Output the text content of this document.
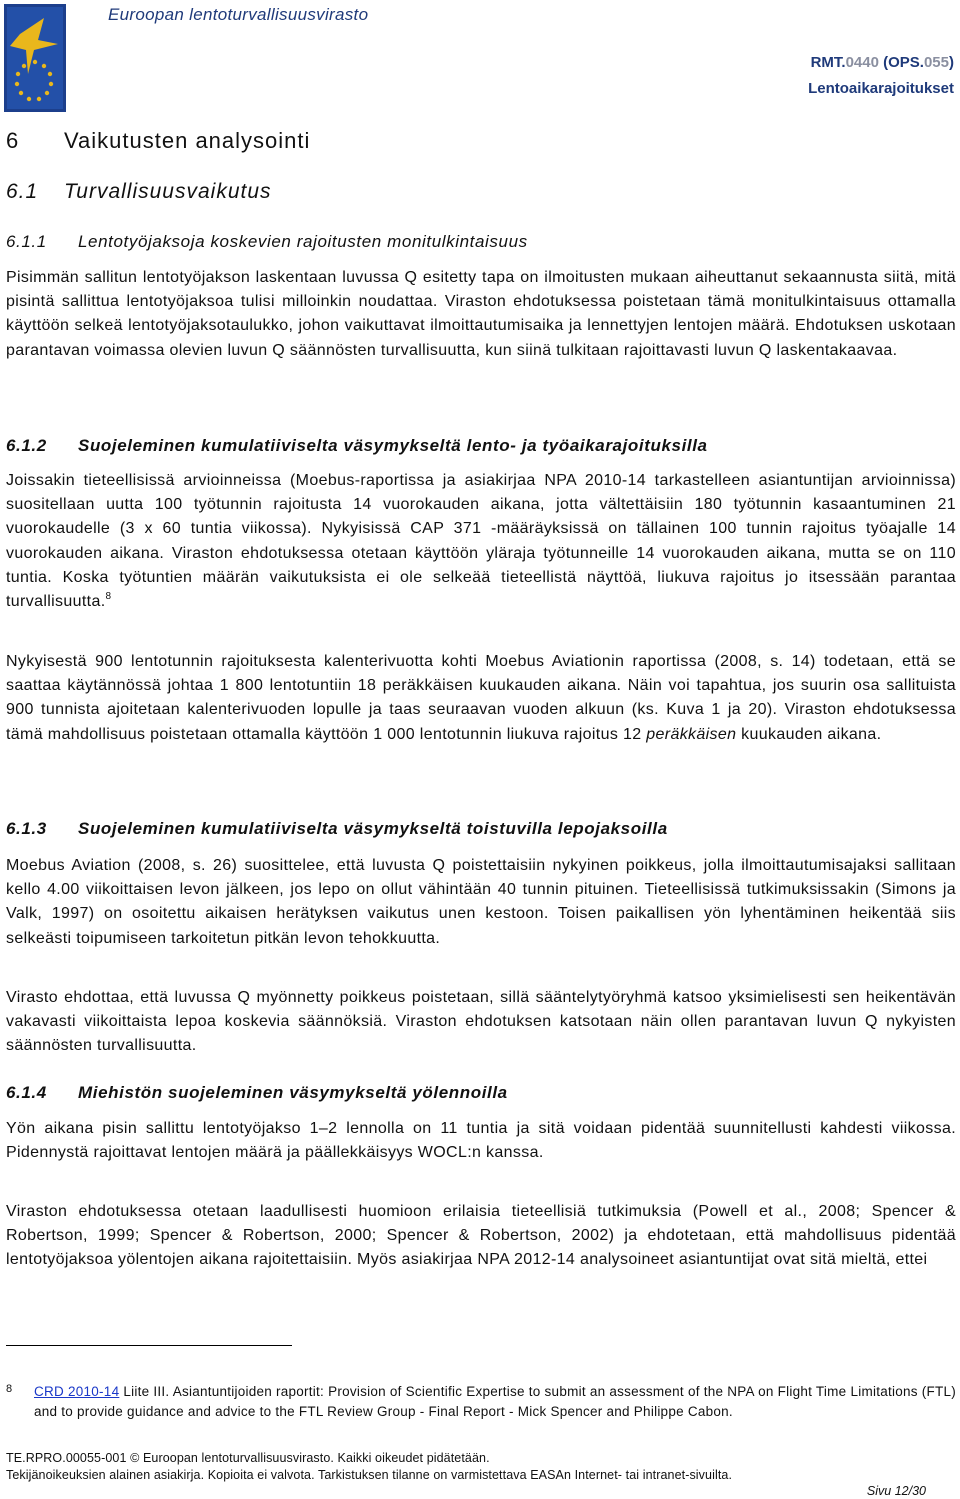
Euroopan lentoturvallisuusvirasto
RMT.0440 (OPS.055)
Lentoaikarajoitukset
6 Vaikutusten analysointi
6.1 Turvallisuusvaikutus
6.1.1 Lentotyöjaksoja koskevien rajoitusten monitulkintaisuus
Pisimmän sallitun lentotyöjakson laskentaan luvussa Q esitetty tapa on ilmoitusten mukaan aiheuttanut sekaannusta siitä, mitä pisintä sallittua lentotyöjaksoa tulisi milloinkin noudattaa. Viraston ehdotuksessa poistetaan tämä monitulkintaisuus ottamalla käyttöön selkeä lentotyöjaksotaulukko, johon vaikuttavat ilmoittautumisaika ja lennettyjen lentojen määrä. Ehdotuksen uskotaan parantavan voimassa olevien luvun Q säännösten turvallisuutta, kun siinä tulkitaan rajoittavasti luvun Q laskentakaavaa.
6.1.2 Suojeleminen kumulatiiviselta väsymykseltä lento- ja työaikarajoituksilla
Joissakin tieteellisissä arvioinneissa (Moebus-raportissa ja asiakirjaa NPA 2010-14 tarkastelleen asiantuntijan arvioinnissa) suositellaan uutta 100 työtunnin rajoitusta 14 vuorokauden aikana, jotta vältettäisiin 180 työtunnin kasaantuminen 21 vuorokaudelle (3 x 60 tuntia viikossa). Nykyisissä CAP 371 -määräyksissä on tällainen 100 tunnin rajoitus työajalle 14 vuorokauden aikana. Viraston ehdotuksessa otetaan käyttöön yläraja työtunneille 14 vuorokauden aikana, mutta se on 110 tuntia. Koska työtuntien määrän vaikutuksista ei ole selkeää tieteellistä näyttöä, liukuva rajoitus jo itsessään parantaa turvallisuutta.$^8$
Nykyisestä 900 lentotunnin rajoituksesta kalenterivuotta kohti Moebus Aviationin raportissa (2008, s. 14) todetaan, että se saattaa käytännössä johtaa 1 800 lentotuntiin 18 peräkkäisen kuukauden aikana. Näin voi tapahtua, jos suurin osa sallituista 900 tunnista ajoitetaan kalenterivuoden lopulle ja taas seuraavan vuoden alkuun (ks. Kuva 1 ja 20). Viraston ehdotuksessa tämä mahdollisuus poistetaan ottamalla käyttöön 1 000 lentotunnin liukuva rajoitus 12 peräkkäisen kuukauden aikana.
6.1.3 Suojeleminen kumulatiiviselta väsymykseltä toistuvilla lepojaksoilla
Moebus Aviation (2008, s. 26) suosittelee, että luvusta Q poistettaisiin nykyinen poikkeus, jolla ilmoittautumisajaksi sallitaan kello 4.00 viikoittaisen levon jälkeen, jos lepo on ollut vähintään 40 tunnin pituinen. Tieteellisissä tutkimuksissakin (Simons ja Valk, 1997) on osoitettu aikaisen herätyksen vaikutus unen kestoon. Toisen paikallisen yön lyhentäminen heikentää siis selkeästi toipumiseen tarkoitetun pitkän levon tehokkuutta.
Virasto ehdottaa, että luvussa Q myönnetty poikkeus poistetaan, sillä sääntelytyöryhmä katsoo yksimielisesti sen heikentävän vakavasti viikoittaista lepoa koskevia säännöksiä. Viraston ehdotuksen katsotaan näin ollen parantavan luvun Q nykyisten säännösten turvallisuutta.
6.1.4 Miehistön suojeleminen väsymykseltä yölennoilla
Yön aikana pisin sallittu lentotyöjakso 1–2 lennolla on 11 tuntia ja sitä voidaan pidentää suunnitellusti kahdesti viikossa. Pidennystä rajoittavat lentojen määrä ja päällekkäisyys WOCL:n kanssa.
Viraston ehdotuksessa otetaan laadullisesti huomioon erilaisia tieteellisiä tutkimuksia (Powell et al., 2008; Spencer & Robertson, 1999; Spencer & Robertson, 2000; Spencer & Robertson, 2002) ja ehdotetaan, että mahdollisuus pidentää lentotyöjaksoa yölentojen aikana rajoitettaisiin. Myös asiakirjaa NPA 2012-14 analysoineet asiantuntijat ovat sitä mieltä, ettei
8 CRD 2010-14 Liite III. Asiantuntijoiden raportit: Provision of Scientific Expertise to submit an assessment of the NPA on Flight Time Limitations (FTL) and to provide guidance and advice to the FTL Review Group - Final Report - Mick Spencer and Philippe Cabon.
TE.RPRO.00055-001 © Euroopan lentoturvallisuusvirasto. Kaikki oikeudet pidätetään.
Tekijänoikeuksien alainen asiakirja. Kopioita ei valvota. Tarkistuksen tilanne on varmistettava EASAn Internet- tai intranet-sivuilta.
Sivu 12/30
